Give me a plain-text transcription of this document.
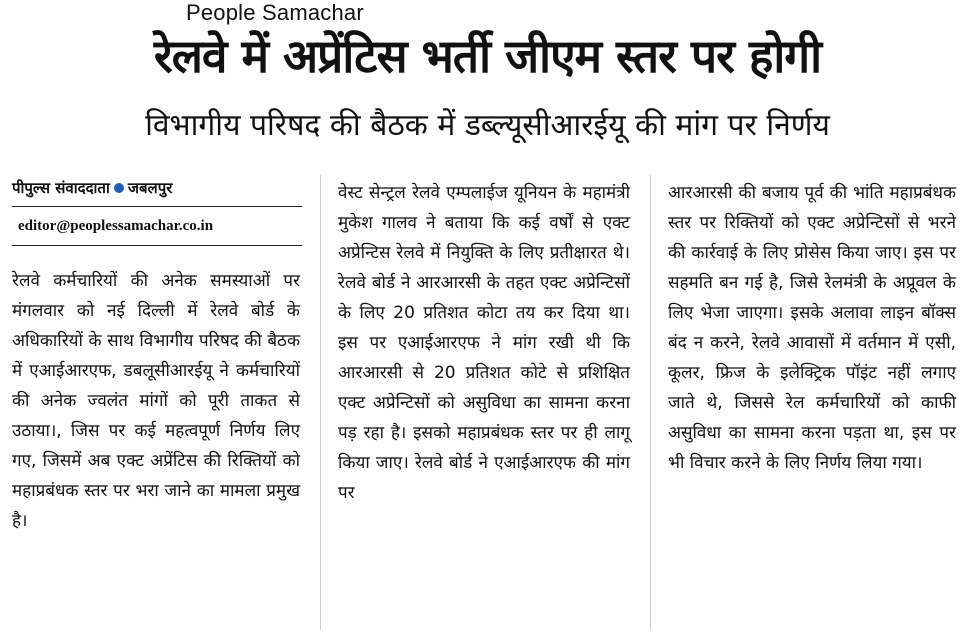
People Samachar
रेलवे में अप्रेंटिस भर्ती जीएम स्तर पर होगी
विभागीय परिषद की बैठक में डब्ल्यूसीआरईयू की मांग पर निर्णय
पीपुल्स संवाददाता जबलपुर
editor@peoplessamachar.co.in
रेलवे कर्मचारियों की अनेक समस्याओं पर मंगलवार को नई दिल्ली में रेलवे बोर्ड के अधिकारियों के साथ विभागीय परिषद की बैठक में एआईआरएफ, डबलूसीआरईयू ने कर्मचारियों की अनेक ज्वलंत मांगों को पूरी ताकत से उठाया।, जिस पर कई महत्वपूर्ण निर्णय लिए गए, जिसमें अब एक्ट अप्रेंटिस की रिक्तियों को महाप्रबंधक स्तर पर भरा जाने का मामला प्रमुख है।
वेस्ट सेन्ट्रल रेलवे एम्पलाईज यूनियन के महामंत्री मुकेश गालव ने बताया कि कई वर्षों से एक्ट अप्रेन्टिस रेलवे में नियुक्ति के लिए प्रतीक्षारत थे। रेलवे बोर्ड ने आरआरसी के तहत एक्ट अप्रेन्टिसों के लिए 20 प्रतिशत कोटा तय कर दिया था। इस पर एआईआरएफ ने मांग रखी थी कि आरआरसी से 20 प्रतिशत कोटे से प्रशिक्षित एक्ट अप्रेन्टिसों को असुविधा का सामना करना पड़ रहा है। इसको महाप्रबंधक स्तर पर ही लागू किया जाए। रेलवे बोर्ड ने एआईआरएफ की मांग पर
आरआरसी की बजाय पूर्व की भांति महाप्रबंधक स्तर पर रिक्तियों को एक्ट अप्रेन्टिसों से भरने की कार्रवाई के लिए प्रोसेस किया जाए। इस पर सहमति बन गई है, जिसे रेलमंत्री के अप्रूवल के लिए भेजा जाएगा। इसके अलावा लाइन बॉक्स बंद न करने, रेलवे आवासों में वर्तमान में एसी, कूलर, फ्रिज के इलेक्ट्रिक पॉइंट नहीं लगाए जाते थे, जिससे रेल कर्मचारियों को काफी असुविधा का सामना करना पड़ता था, इस पर भी विचार करने के लिए निर्णय लिया गया।
